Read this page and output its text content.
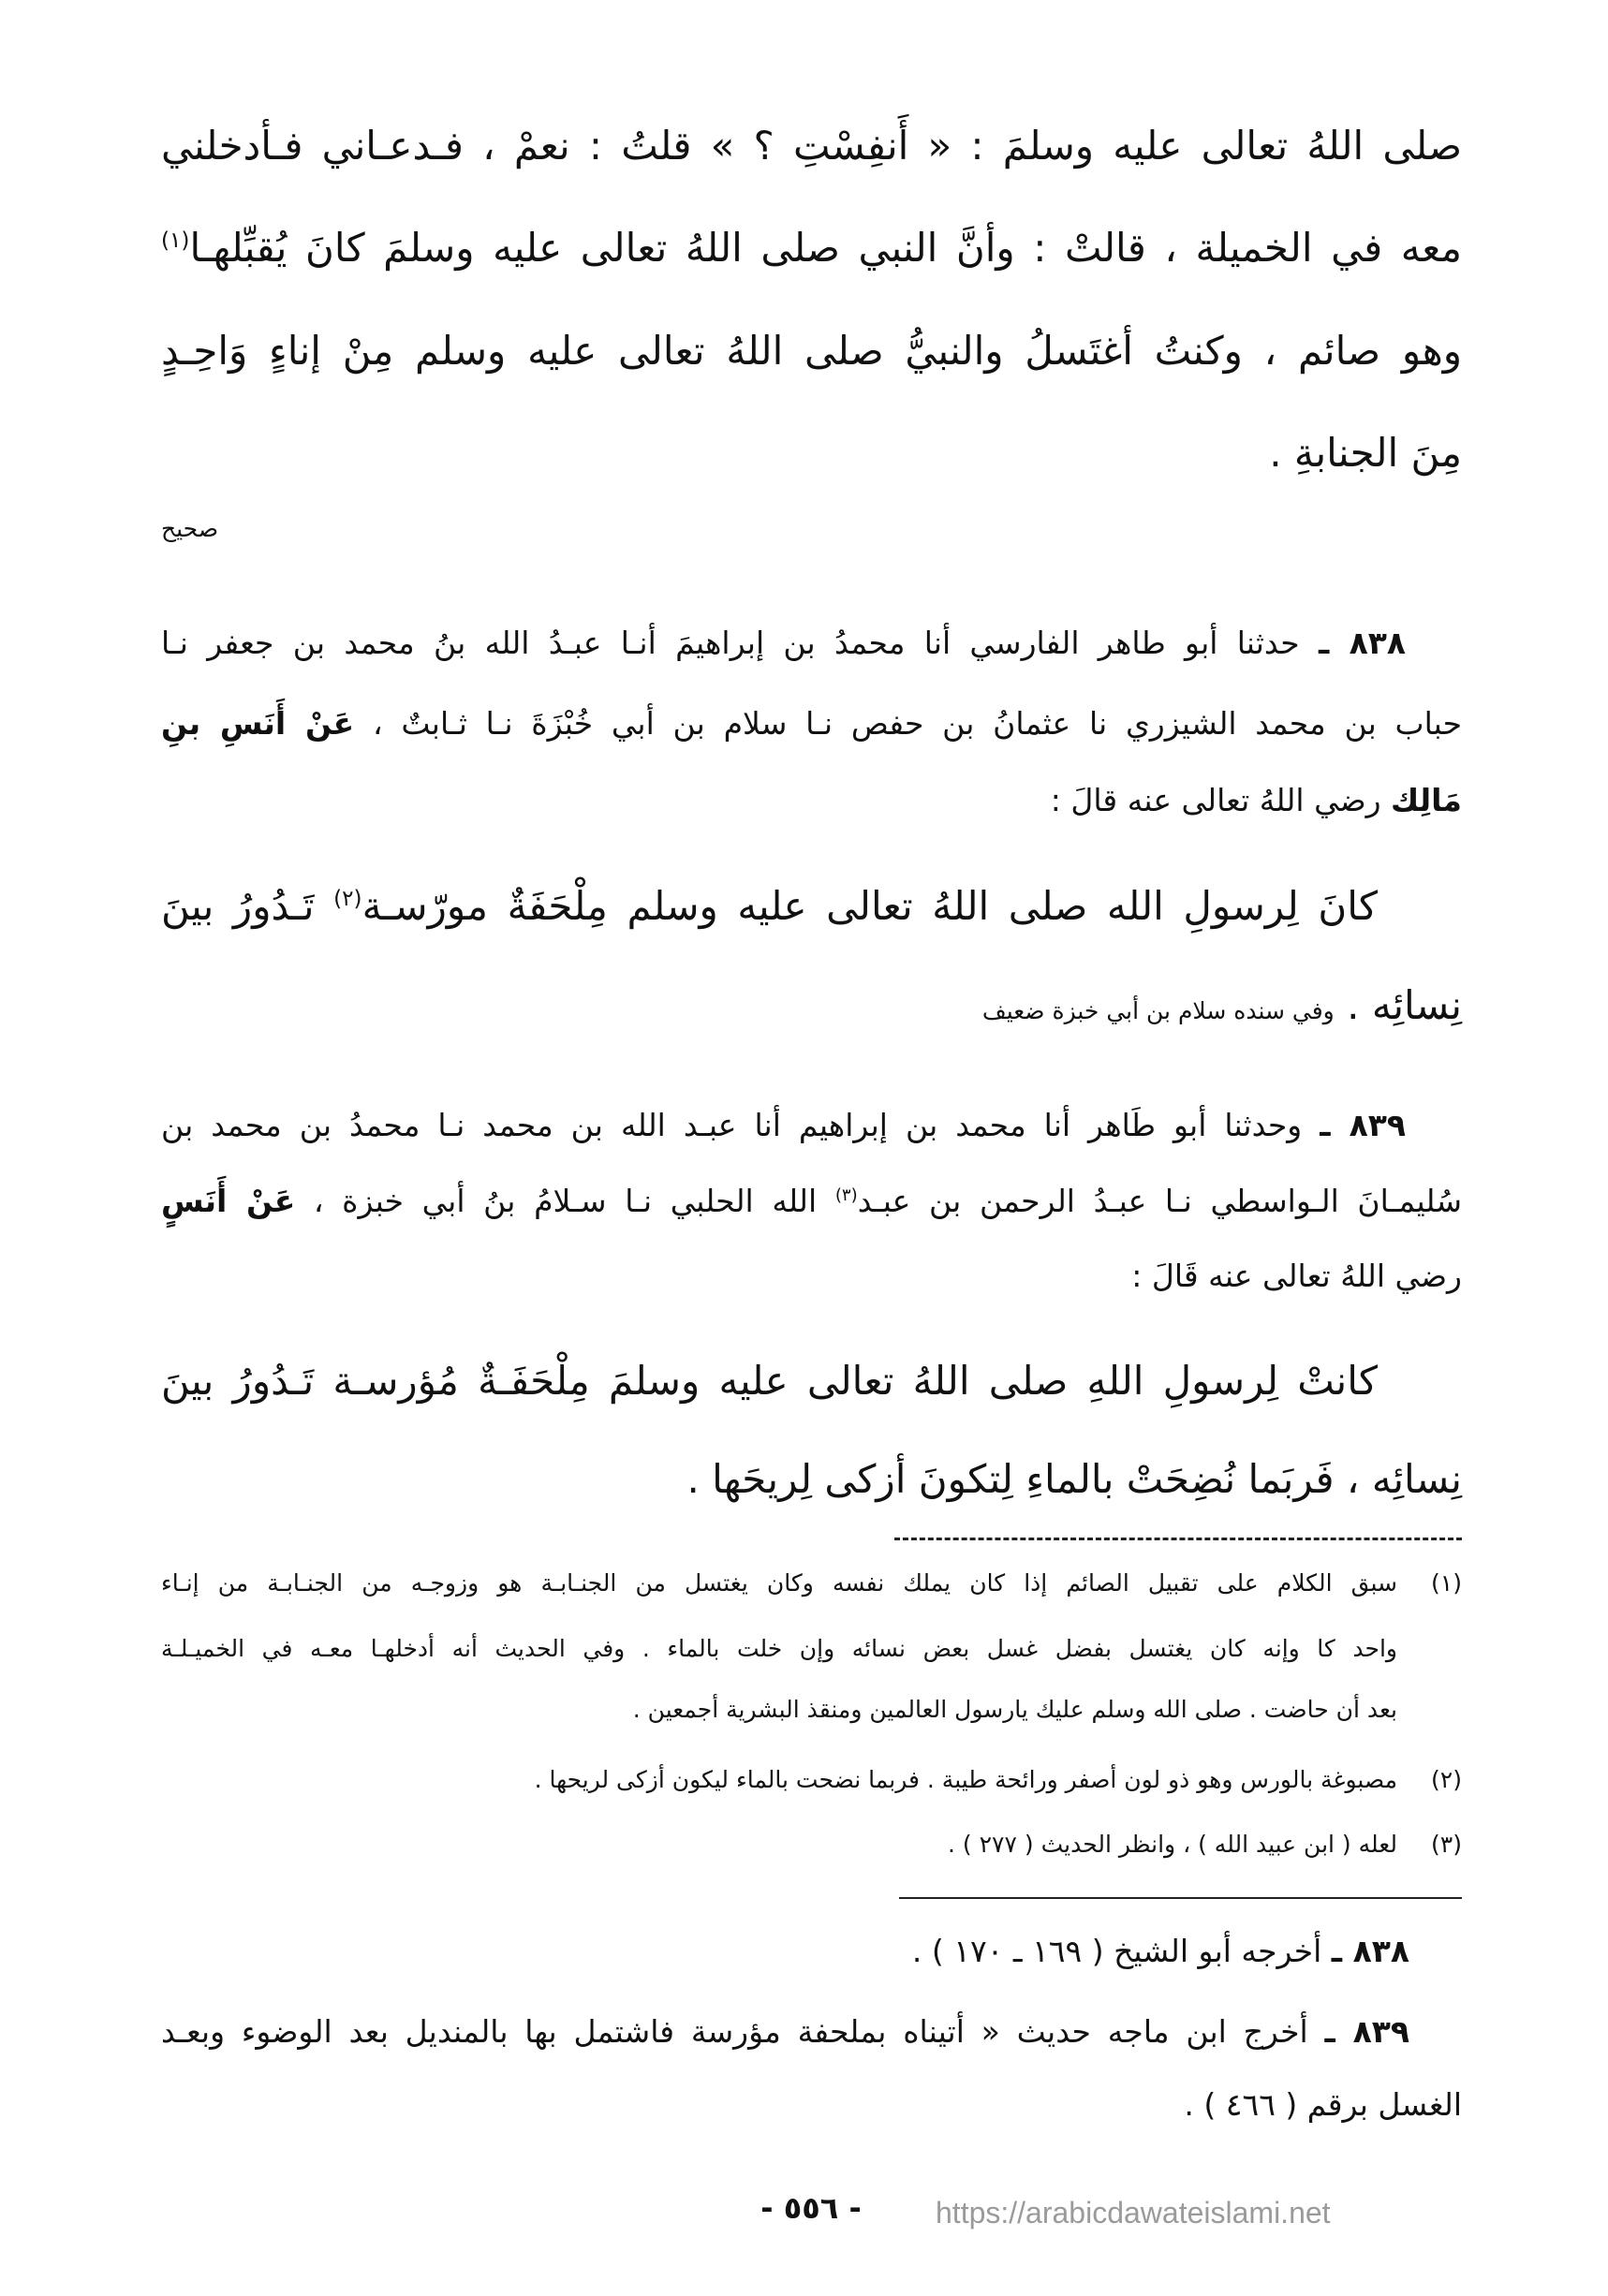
صلى اللهُ تعالى عليه وسلمَ : « أَنفِسْتِ ؟ » قلتُ : نعمْ ، فـدعـاني فـأدخلني
معه في الخميلة ، قالتْ : وأنَّ النبي صلى اللهُ تعالى عليه وسلمَ كانَ يُقبِّلهـا$^{(١)}$
وهو صائم ، وكنتُ أغتَسلُ والنبيُّ صلى اللهُ تعالى عليه وسلم مِنْ إناءٍ وَاحِـدٍ
مِنَ الجنابةِ .
صحيح
٨٣٨ ـ حدثنا أبو طاهر الفارسي أنا محمدُ بن إبراهيمَ أنـا عبـدُ الله بنُ محمد بن جعفر نـا
حباب بن محمد الشيزري نا عثمانُ بن حفص نـا سلام بن أبي خُبْزَةَ نـا ثـابتٌ ، عَنْ أَنَسِ بنِ
مَالِك رضي اللهُ تعالى عنه قالَ :
كانَ لِرسولِ الله صلى اللهُ تعالى عليه وسلم مِلْحَفَةٌ مورّسـة$^{(٢)}$ تَـدُورُ بينَ
نِسائِه . وفي سنده سلام بن أبي خبزة ضعيف
٨٣٩ ـ وحدثنا أبو طَاهر أنا محمد بن إبراهيم أنا عبـد الله بن محمد نـا محمدُ بن محمد بن
سُليمـانَ الـواسطي نـا عبـدُ الرحمن بن عبـد$^{(٣)}$ الله الحلبي نـا سـلامُ بنُ أبي خبزة ، عَنْ أَنَسٍ
رضي اللهُ تعالى عنه قَالَ :
كانتْ لِرسولِ اللهِ صلى اللهُ تعالى عليه وسلمَ مِلْحَفَـةٌ مُؤرسـة تَـدُورُ بينَ
نِسائِه ، فَربَما نُضِحَتْ بالماءِ لِتكونَ أزكى لِريحَها .
(١)
سبق الكلام على تقبيل الصائم إذا كان يملك نفسه وكان يغتسل من الجنـابـة هو وزوجـه من الجنـابـة من إنـاء
واحد كا وإنه كان يغتسل بفضل غسل بعض نسائه وإن خلت بالماء . وفي الحديث أنه أدخلهـا معـه في الخميـلـة
بعد أن حاضت . صلى الله وسلم عليك يارسول العالمين ومنقذ البشرية أجمعين .
(٢)
مصبوغة بالورس وهو ذو لون أصفر ورائحة طيبة . فربما نضحت بالماء ليكون أزكى لريحها .
(٣)
لعله ( ابن عبيد الله ) ، وانظر الحديث ( ٢٧٧ ) .
٨٣٨ ـ أخرجه أبو الشيخ ( ١٦٩ ـ ١٧٠ ) .
٨٣٩ ـ أخرج ابن ماجه حديث « أتيناه بملحفة مؤرسة فاشتمل بها بالمنديل بعد الوضوء وبعـد
الغسل برقم ( ٤٦٦ ) .
- ٥٥٦ -	https://arabicdawateislami.net
